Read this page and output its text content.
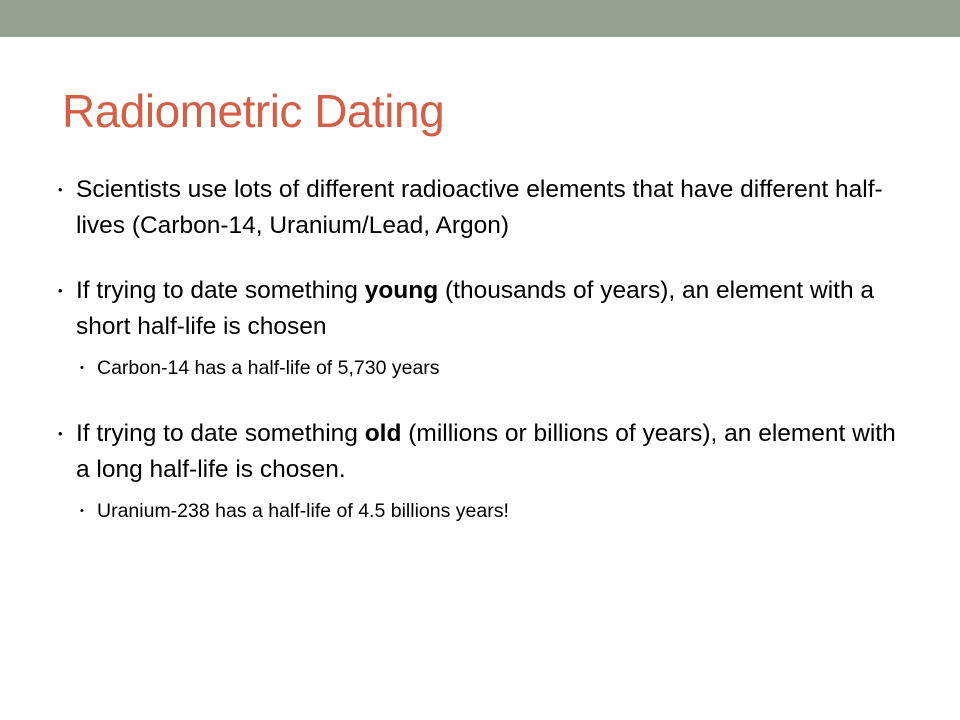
Radiometric Dating
• Scientists use lots of different radioactive elements that have different half-lives (Carbon-14, Uranium/Lead, Argon)
• If trying to date something young (thousands of years), an element with a short half-life is chosen
• Carbon-14 has a half-life of 5,730 years
• If trying to date something old (millions or billions of years), an element with a long half-life is chosen.
• Uranium-238 has a half-life of 4.5 billions years!
